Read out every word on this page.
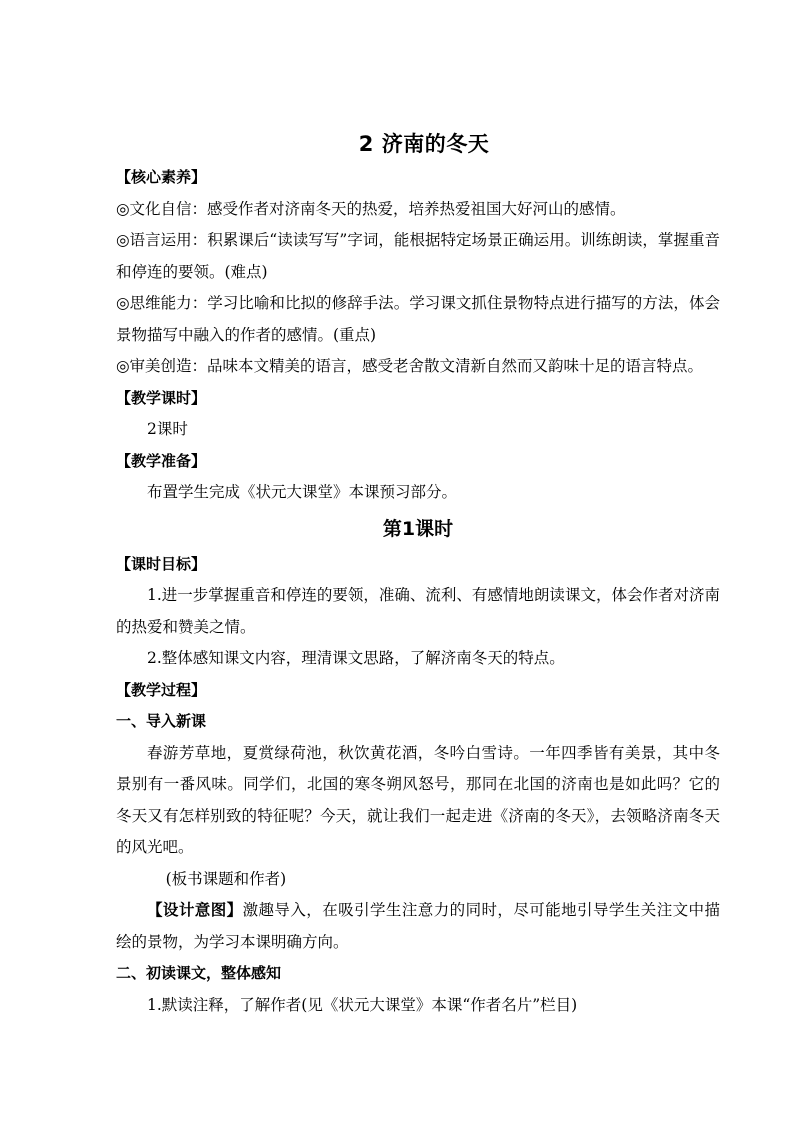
2 济南的冬天
【核心素养】

◎文化自信：感受作者对济南冬天的热爱，培养热爱祖国大好河山的感情。

◎语言运用：积累课后“读读写写”字词，能根据特定场景正确运用。训练朗读，掌握重音和停连的要领。(难点)

◎思维能力：学习比喻和比拟的修辞手法。学习课文抓住景物特点进行描写的方法，体会景物描写中融入的作者的感情。(重点)

◎审美创造：品味本文精美的语言，感受老舍散文清新自然而又韵味十足的语言特点。

【教学课时】

2课时

【教学准备】

布置学生完成《状元大课堂》本课预习部分。

第1课时
【课时目标】

1.进一步掌握重音和停连的要领，准确、流利、有感情地朗读课文，体会作者对济南的热爱和赞美之情。

2.整体感知课文内容，理清课文思路，了解济南冬天的特点。

【教学过程】
一、导入新课

春游芳草地，夏赏绿荷池，秋饮黄花酒，冬吟白雪诗。一年四季皆有美景，其中冬景别有一番风味。同学们，北国的寒冬朔风怒号，那同在北国的济南也是如此吗？它的冬天又有怎样别致的特征呢？今天，就让我们一起走进《济南的冬天》，去领略济南冬天的风光吧。

(板书课题和作者)

【设计意图】激趣导入，在吸引学生注意力的同时，尽可能地引导学生关注文中描绘的景物，为学习本课明确方向。

二、初读课文，整体感知

1.默读注释，了解作者(见《状元大课堂》本课“作者名片”栏目)
